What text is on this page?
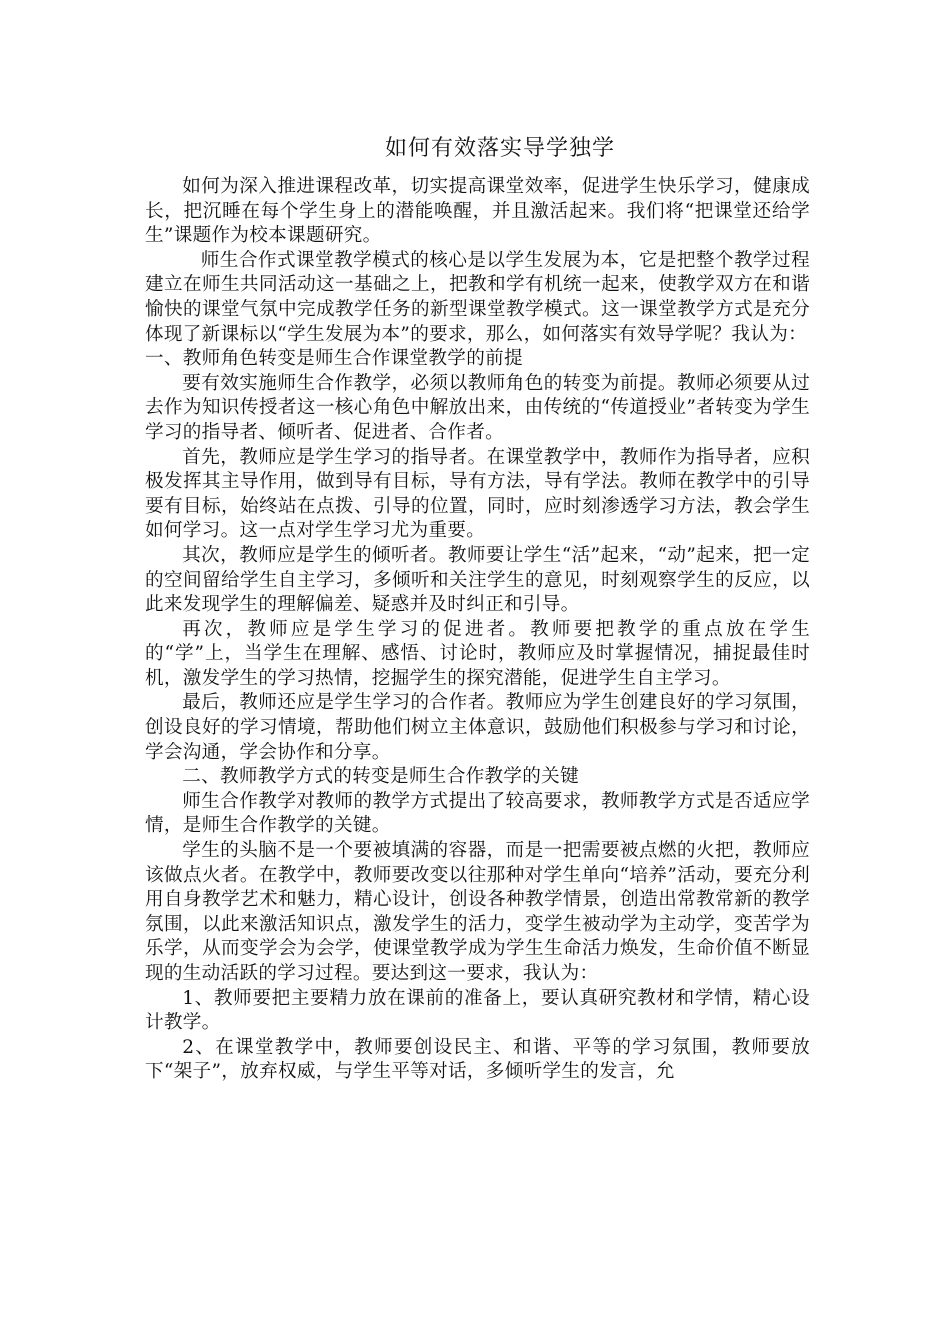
如何有效落实导学独学

如何为深入推进课程改革，切实提高课堂效率，促进学生快乐学习，健康成长，把沉睡在每个学生身上的潜能唤醒，并且激活起来。我们将“把课堂还给学生”课题作为校本课题研究。

师生合作式课堂教学模式的核心是以学生发展为本，它是把整个教学过程建立在师生共同活动这一基础之上，把教和学有机统一起来，使教学双方在和谐愉快的课堂气氛中完成教学任务的新型课堂教学模式。这一课堂教学方式是充分体现了新课标以“学生发展为本”的要求，那么，如何落实有效导学呢？我认为：

一、教师角色转变是师生合作课堂教学的前提

要有效实施师生合作教学，必须以教师角色的转变为前提。教师必须要从过去作为知识传授者这一核心角色中解放出来，由传统的“传道授业”者转变为学生学习的指导者、倾听者、促进者、合作者。

首先，教师应是学生学习的指导者。在课堂教学中，教师作为指导者，应积极发挥其主导作用，做到导有目标，导有方法，导有学法。教师在教学中的引导要有目标，始终站在点拨、引导的位置，同时，应时刻渗透学习方法，教会学生如何学习。这一点对学生学习尤为重要。

其次，教师应是学生的倾听者。教师要让学生“活”起来，“动”起来，把一定的空间留给学生自主学习，多倾听和关注学生的意见，时刻观察学生的反应，以此来发现学生的理解偏差、疑惑并及时纠正和引导。

再次，教师应是学生学习的促进者。教师要把教学的重点放在学生的“学”上，当学生在理解、感悟、讨论时，教师应及时掌握情况，捕捉最佳时机，激发学生的学习热情，挖掘学生的探究潜能，促进学生自主学习。

最后，教师还应是学生学习的合作者。教师应为学生创建良好的学习氛围，创设良好的学习情境，帮助他们树立主体意识，鼓励他们积极参与学习和讨论，学会沟通，学会协作和分享。

二、教师教学方式的转变是师生合作教学的关键

师生合作教学对教师的教学方式提出了较高要求，教师教学方式是否适应学情，是师生合作教学的关键。

学生的头脑不是一个要被填满的容器，而是一把需要被点燃的火把，教师应该做点火者。在教学中，教师要改变以往那种对学生单向“培养”活动，要充分利用自身教学艺术和魅力，精心设计，创设各种教学情景，创造出常教常新的教学氛围，以此来激活知识点，激发学生的活力，变学生被动学为主动学，变苦学为乐学，从而变学会为会学，使课堂教学成为学生生命活力焕发，生命价值不断显现的生动活跃的学习过程。要达到这一要求，我认为：

1、教师要把主要精力放在课前的准备上，要认真研究教材和学情，精心设计教学。

2、在课堂教学中，教师要创设民主、和谐、平等的学习氛围，教师要放下“架子”，放弃权威，与学生平等对话，多倾听学生的发言，允
